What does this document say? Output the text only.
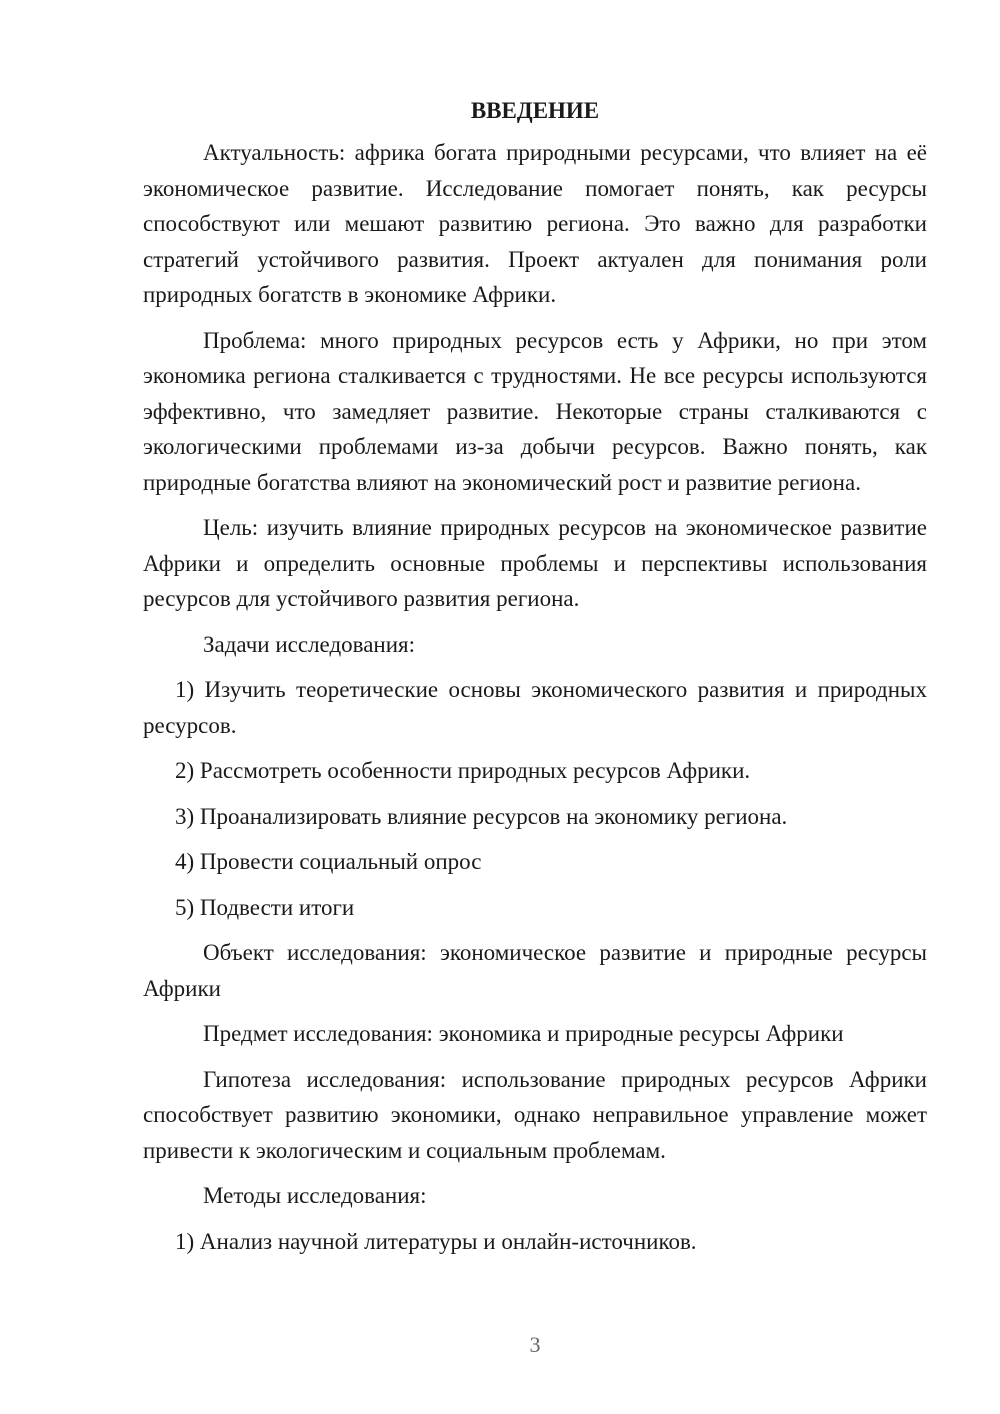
ВВЕДЕНИЕ

Актуальность: африка богата природными ресурсами, что влияет на её экономическое развитие. Исследование помогает понять, как ресурсы способствуют или мешают развитию региона. Это важно для разработки стратегий устойчивого развития. Проект актуален для понимания роли природных богатств в экономике Африки.

Проблема: много природных ресурсов есть у Африки, но при этом экономика региона сталкивается с трудностями. Не все ресурсы используются эффективно, что замедляет развитие. Некоторые страны сталкиваются с экологическими проблемами из-за добычи ресурсов. Важно понять, как природные богатства влияют на экономический рост и развитие региона.

Цель: изучить влияние природных ресурсов на экономическое развитие Африки и определить основные проблемы и перспективы использования ресурсов для устойчивого развития региона.

Задачи исследования:

1) Изучить теоретические основы экономического развития и природных ресурсов.

2) Рассмотреть особенности природных ресурсов Африки.

3) Проанализировать влияние ресурсов на экономику региона.

4) Провести социальный опрос

5) Подвести итоги

Объект исследования: экономическое развитие и природные ресурсы Африки

Предмет исследования: экономика и природные ресурсы Африки

Гипотеза исследования: использование природных ресурсов Африки способствует развитию экономики, однако неправильное управление может привести к экологическим и социальным проблемам.

Методы исследования:

1) Анализ научной литературы и онлайн-источников.

3
